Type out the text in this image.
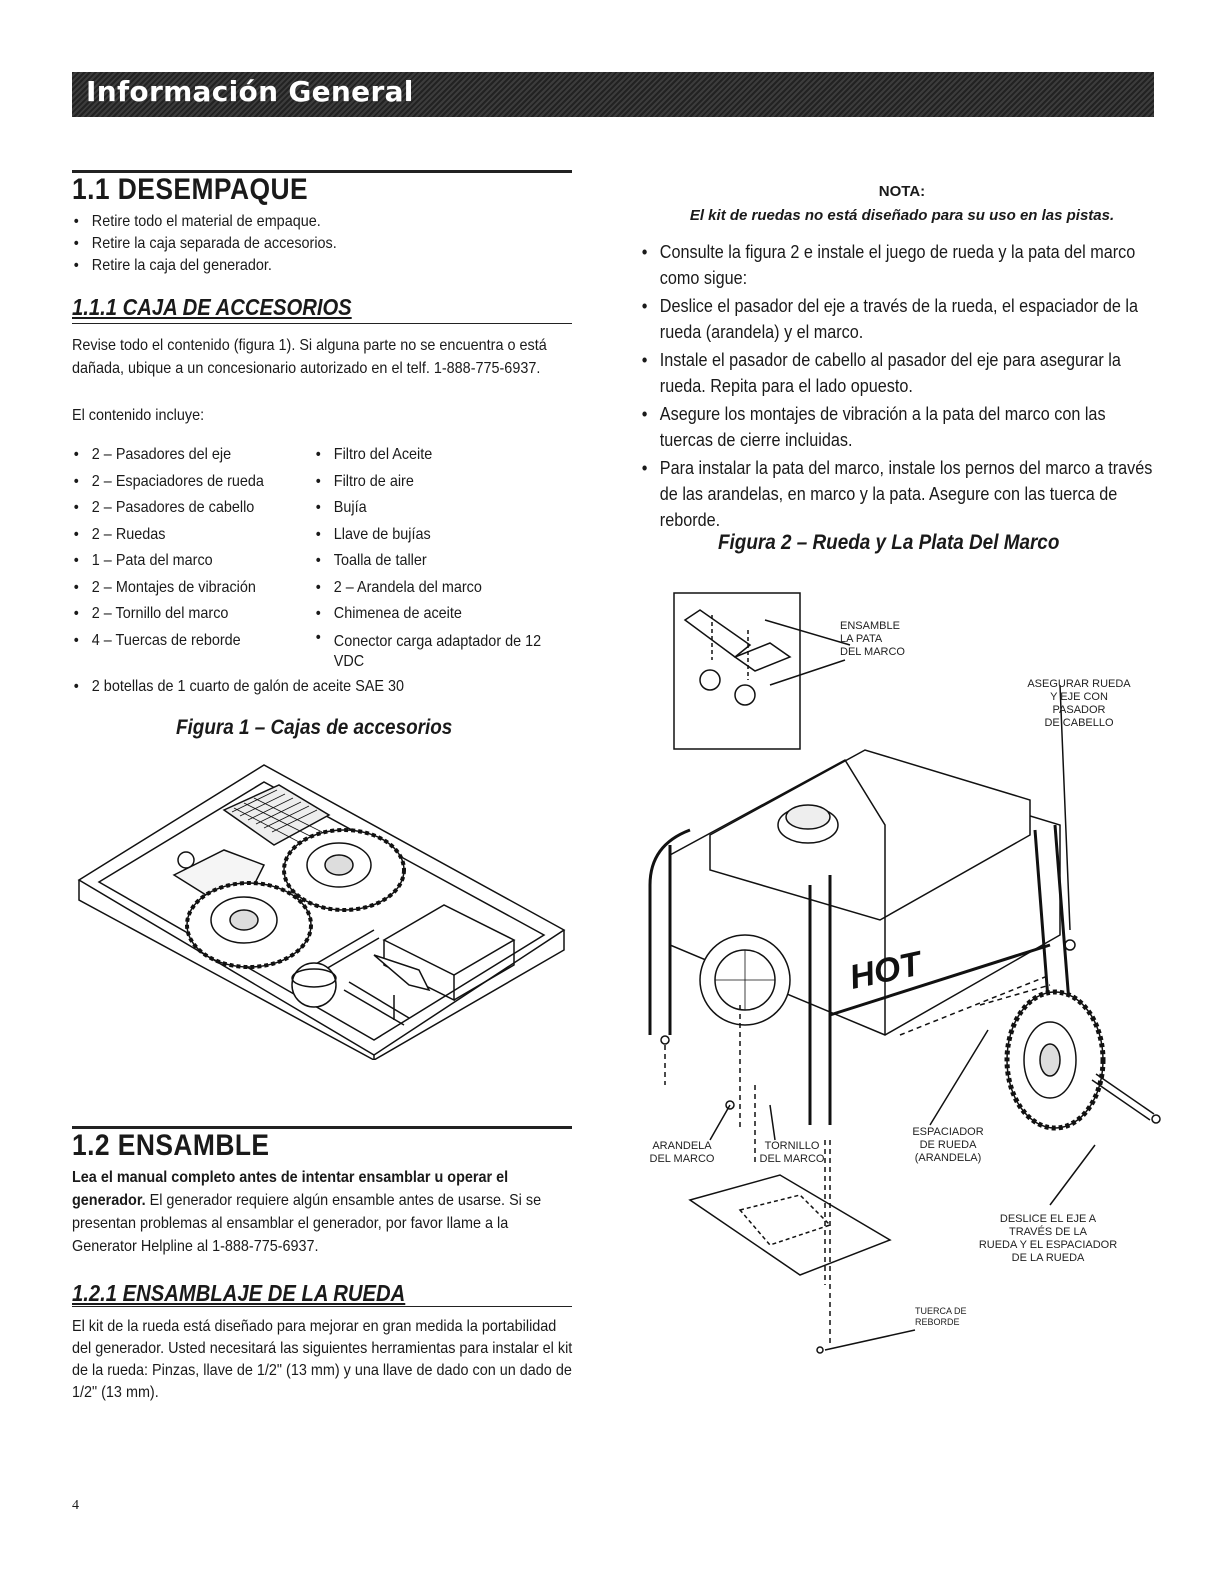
Información General
1.1 DESEMPAQUE
• Retire todo el material de empaque.
• Retire la caja separada de accesorios.
• Retire la caja del generador.
1.1.1 CAJA DE ACCESORIOS
Revise todo el contenido (figura 1). Si alguna parte no se encuentra o está dañada, ubique a un concesionario autorizado en el telf. 1-888-775-6937.
El contenido incluye:
• 2 – Pasadores del eje
• 2 – Espaciadores de rueda
• 2 – Pasadores de cabello
• 2 – Ruedas
• 1 – Pata del marco
• 2 – Montajes de vibración
• 2 – Tornillo del marco
• 4 – Tuercas de reborde
• Filtro del Aceite
• Filtro de aire
• Bujía
• Llave de bujías
• Toalla de taller
• 2 – Arandela del marco
• Chimenea de aceite
• Conector carga adaptador de 12 VDC
• 2 botellas de 1 cuarto de galón de aceite SAE 30
Figura 1 – Cajas de accesorios
1.2 ENSAMBLE
Lea el manual completo antes de intentar ensamblar u operar el generador. El generador requiere algún ensamble antes de usarse. Si se presentan problemas al ensamblar el generador, por favor llame a la Generator Helpline al 1-888-775-6937.
1.2.1 ENSAMBLAJE DE LA RUEDA
El kit de la rueda está diseñado para mejorar en gran medida la portabilidad del generador. Usted necesitará las siguientes herramientas para instalar el kit de la rueda: Pinzas, llave de 1/2" (13 mm) y una llave de dado con un dado de 1/2" (13 mm).
NOTA:
El kit de ruedas no está diseñado para su uso en las pistas.
• Consulte la figura 2 e instale el juego de rueda y la pata del marco como sigue:
• Deslice el pasador del eje a través de la rueda, el espaciador de la rueda (arandela) y el marco.
• Instale el pasador de cabello al pasador del eje para asegurar la rueda. Repita para el lado opuesto.
• Asegure los montajes de vibración a la pata del marco con las tuercas de cierre incluidas.
• Para instalar la pata del marco, instale los pernos del marco a través de las arandelas, en marco y la pata. Asegure con las tuerca de reborde.
Figura 2 – Rueda y La Plata Del Marco
HOT
ENSAMBLE
LA PATA
DEL MARCO
ASEGURAR RUEDA
Y EJE CON
PASADOR
DE CABELLO
ARANDELA
DEL MARCO
TORNILLO
DEL MARCO
ESPACIADOR
DE RUEDA
(ARANDELA)
DESLICE EL EJE A
TRAVÉS DE LA
RUEDA Y EL ESPACIADOR
DE LA RUEDA
TUERCA DE
REBORDE
4
